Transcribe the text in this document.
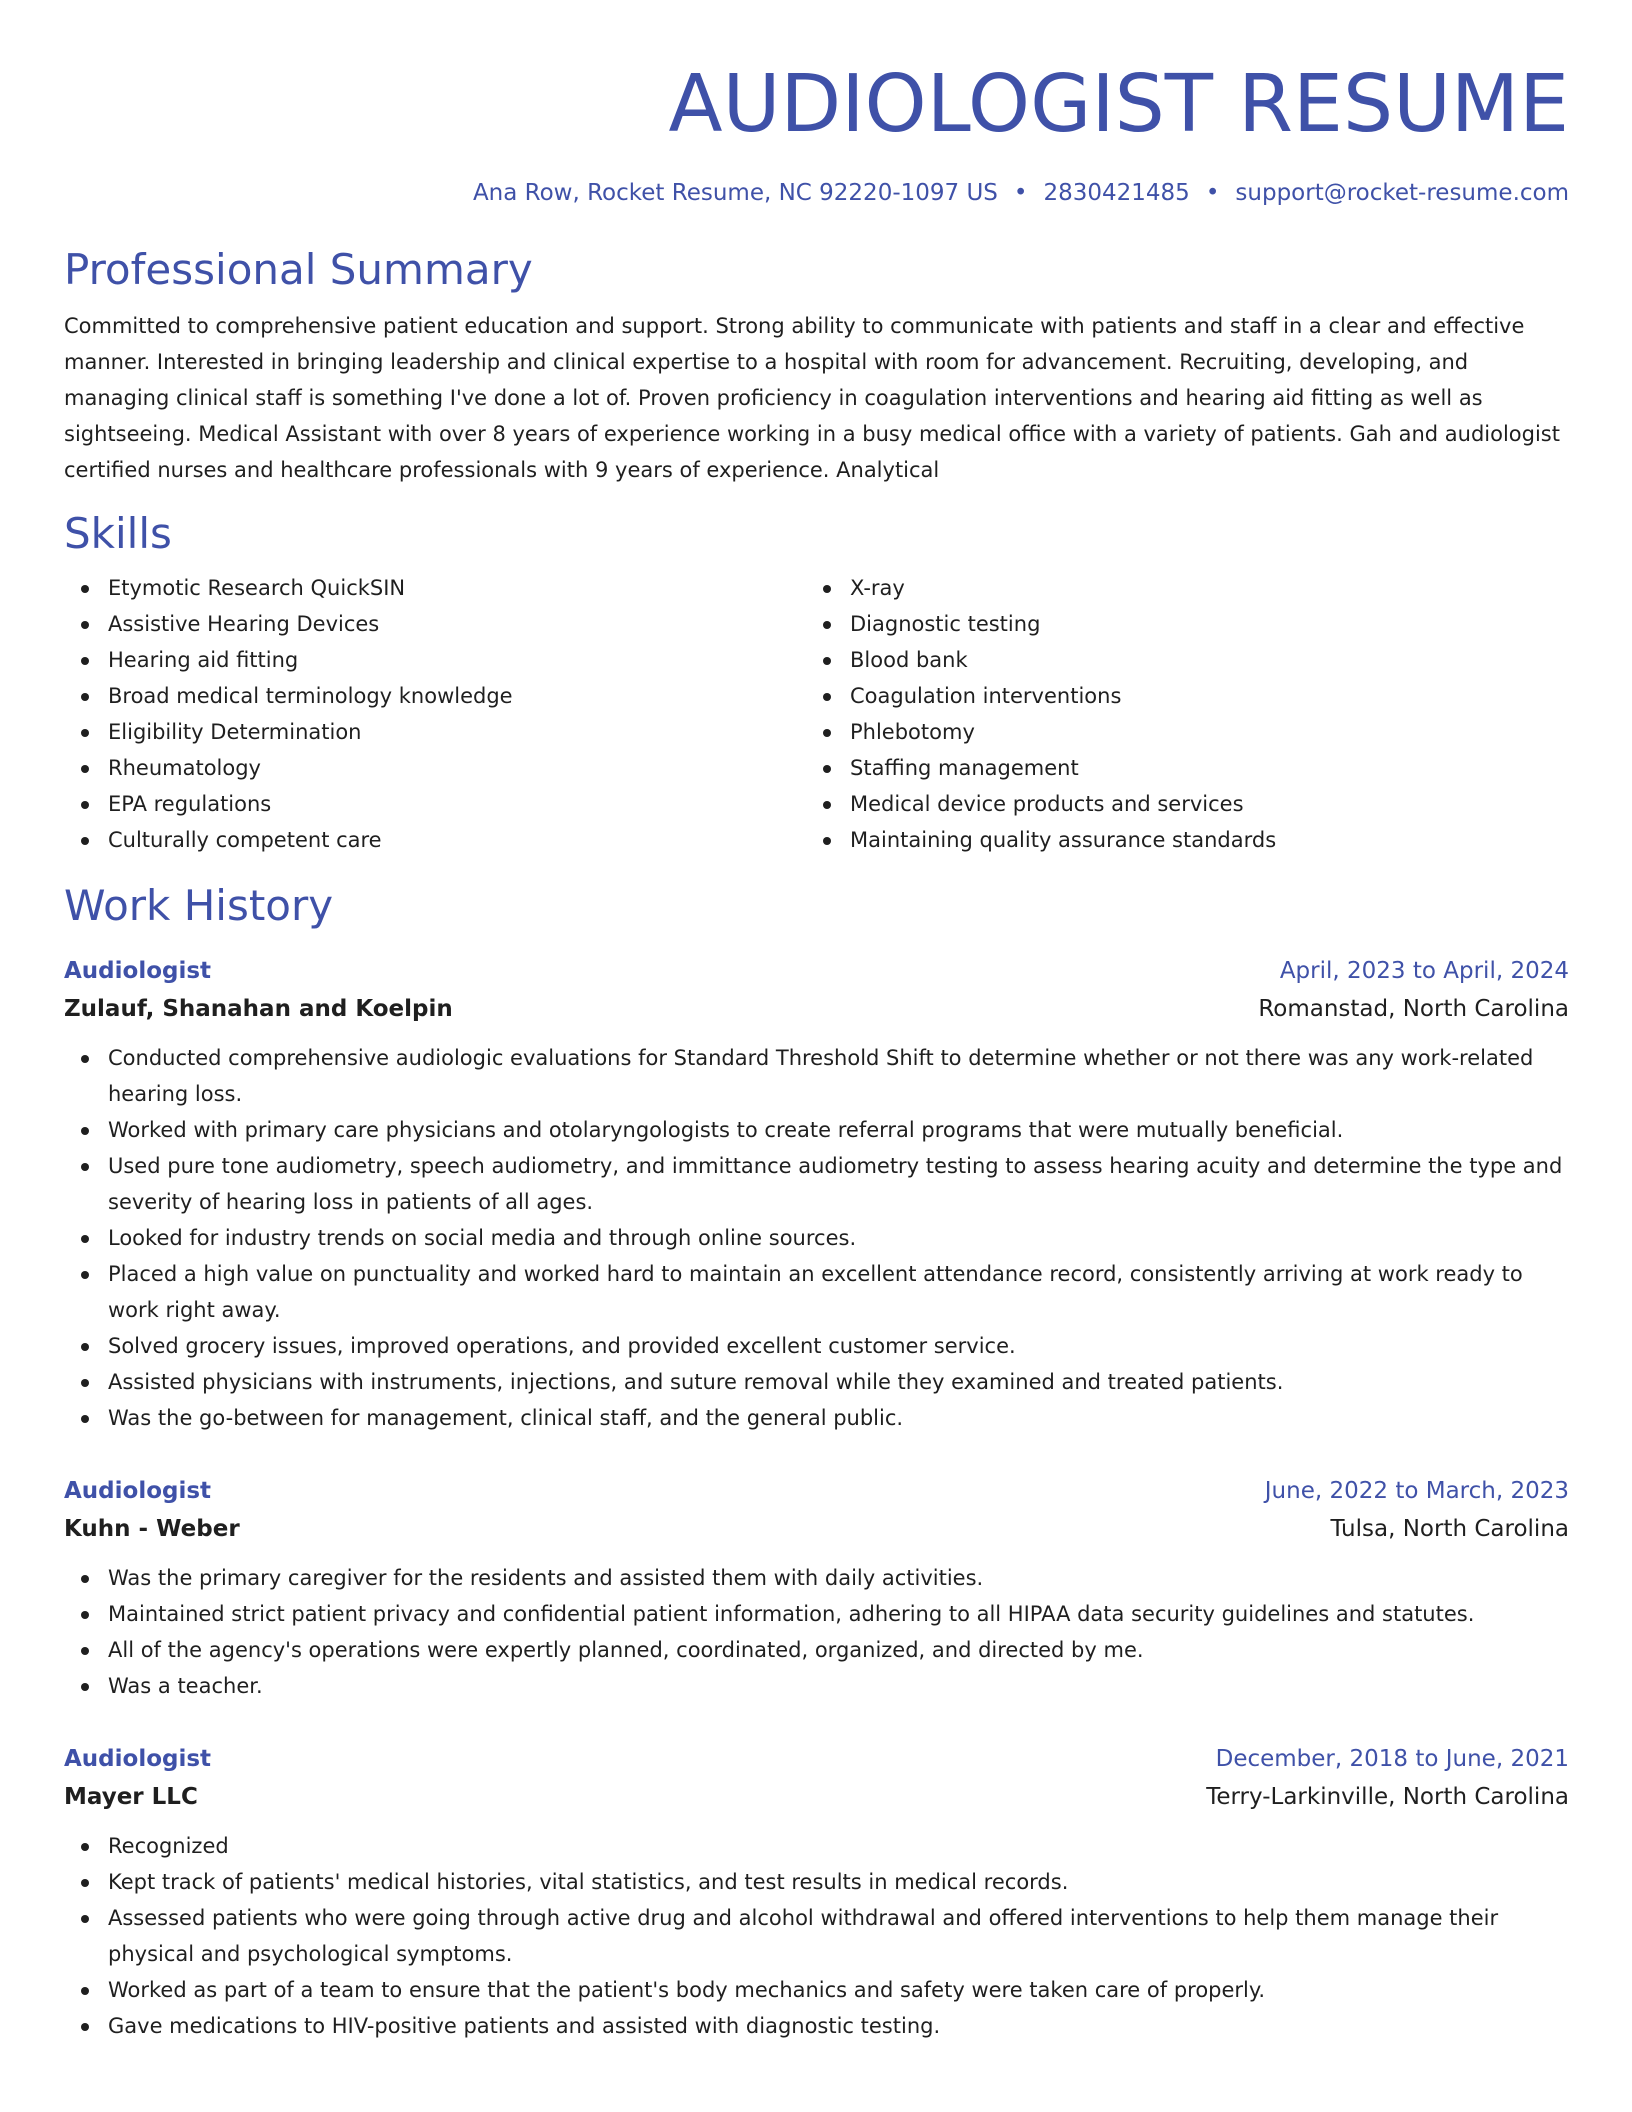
AUDIOLOGIST RESUME
Ana Row, Rocket Resume, NC 92220-1097 US • 2830421485 • support@rocket-resume.com
Professional Summary
Committed to comprehensive patient education and support. Strong ability to communicate with patients and staff in a clear and effective manner. Interested in bringing leadership and clinical expertise to a hospital with room for advancement. Recruiting, developing, and managing clinical staff is something I've done a lot of. Proven proficiency in coagulation interventions and hearing aid fitting as well as sightseeing. Medical Assistant with over 8 years of experience working in a busy medical office with a variety of patients. Gah and audiologist certified nurses and healthcare professionals with 9 years of experience. Analytical
Skills
Etymotic Research QuickSIN
Assistive Hearing Devices
Hearing aid fitting
Broad medical terminology knowledge
Eligibility Determination
Rheumatology
EPA regulations
Culturally competent care
X-ray
Diagnostic testing
Blood bank
Coagulation interventions
Phlebotomy
Staffing management
Medical device products and services
Maintaining quality assurance standards
Work History
Audiologist	April, 2023 to April, 2024
Zulauf, Shanahan and Koelpin	Romanstad, North Carolina
Conducted comprehensive audiologic evaluations for Standard Threshold Shift to determine whether or not there was any work-related hearing loss.
Worked with primary care physicians and otolaryngologists to create referral programs that were mutually beneficial.
Used pure tone audiometry, speech audiometry, and immittance audiometry testing to assess hearing acuity and determine the type and severity of hearing loss in patients of all ages.
Looked for industry trends on social media and through online sources.
Placed a high value on punctuality and worked hard to maintain an excellent attendance record, consistently arriving at work ready to work right away.
Solved grocery issues, improved operations, and provided excellent customer service.
Assisted physicians with instruments, injections, and suture removal while they examined and treated patients.
Was the go-between for management, clinical staff, and the general public.
Audiologist	June, 2022 to March, 2023
Kuhn - Weber	Tulsa, North Carolina
Was the primary caregiver for the residents and assisted them with daily activities.
Maintained strict patient privacy and confidential patient information, adhering to all HIPAA data security guidelines and statutes.
All of the agency's operations were expertly planned, coordinated, organized, and directed by me.
Was a teacher.
Audiologist	December, 2018 to June, 2021
Mayer LLC	Terry-Larkinville, North Carolina
Recognized
Kept track of patients' medical histories, vital statistics, and test results in medical records.
Assessed patients who were going through active drug and alcohol withdrawal and offered interventions to help them manage their physical and psychological symptoms.
Worked as part of a team to ensure that the patient's body mechanics and safety were taken care of properly.
Gave medications to HIV-positive patients and assisted with diagnostic testing.
